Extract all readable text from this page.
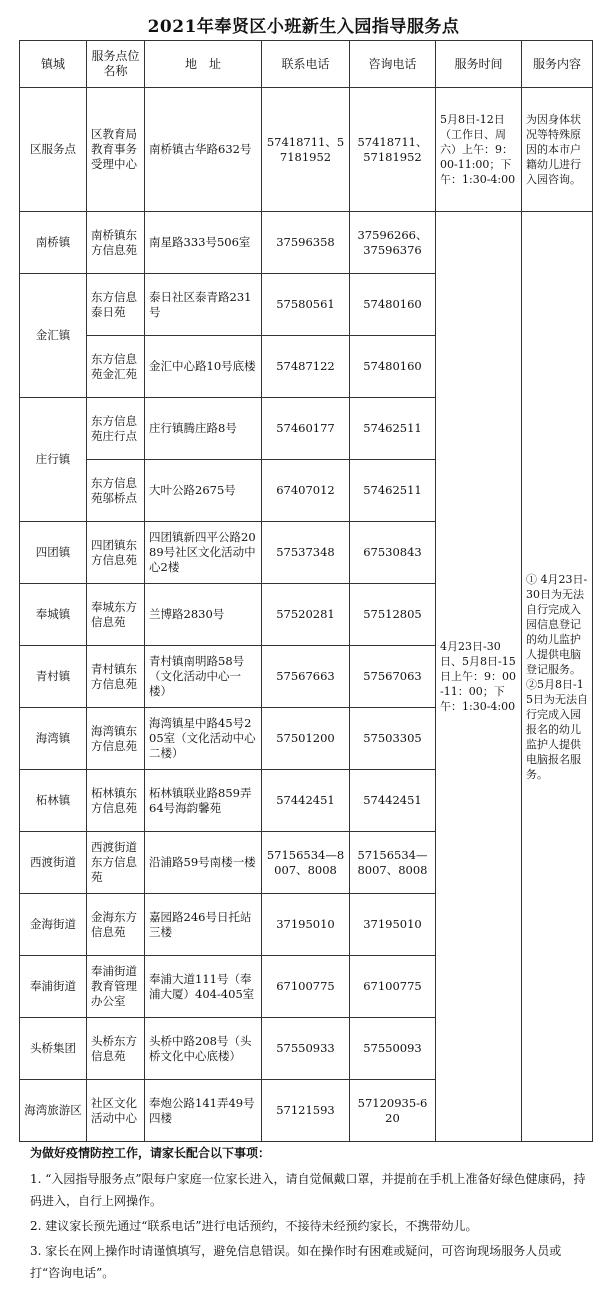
2021年奉贤区小班新生入园指导服务点
镇城	服务点位名称	地　址	联系电话	咨询电话	服务时间	服务内容
区服务点	区教育局教育事务受理中心	南桥镇古华路632号	57418711、57181952	57418711、57181952	5月8日-12日（工作日、周六）上午：9：00-11:00；下午：1:30-4:00	为因身体状况等特殊原因的本市户籍幼儿进行入园咨询。
南桥镇	南桥镇东方信息苑	南星路333号506室	37596358	37596266、37596376	4月23日-30日、5月8日-15日上午：9：00-11：00；下午：1:30-4:00	① 4月23日-30日为无法自行完成入园信息登记的幼儿监护人提供电脑登记服务。②5月8日-15日为无法自行完成入园报名的幼儿监护人提供电脑报名服务。
金汇镇	东方信息泰日苑	泰日社区泰青路231号	57580561	57480160		
	东方信息苑金汇苑	金汇中心路10号底楼	57487122	57480160		
庄行镇	东方信息苑庄行点	庄行镇腾庄路8号	57460177	57462511		
	东方信息苑邬桥点	大叶公路2675号	67407012	57462511		
四团镇	四团镇东方信息苑	四团镇新四平公路2089号社区文化活动中心2楼	57537348	67530843		
奉城镇	奉城东方信息苑	兰博路2830号	57520281	57512805		
青村镇	青村镇东方信息苑	青村镇南明路58号（文化活动中心一楼）	57567663	57567063		
海湾镇	海湾镇东方信息苑	海湾镇星中路45号205室（文化活动中心二楼）	57501200	57503305		
柘林镇	柘林镇东方信息苑	柘林镇联业路859弄64号海韵馨苑	57442451	57442451		
西渡街道	西渡街道东方信息苑	沿浦路59号南楼一楼	57156534—8007、8008	57156534—8007、8008		
金海街道	金海东方信息苑	嘉园路246号日托站三楼	37195010	37195010		
奉浦街道	奉浦街道教育管理办公室	奉浦大道111号（奉浦大厦）404-405室	67100775	67100775		
头桥集团	头桥东方信息苑	头桥中路208号（头桥文化中心底楼）	57550933	57550093		
海湾旅游区	社区文化活动中心	奉炮公路141弄49号四楼	57121593	57120935-620		
为做好疫情防控工作，请家长配合以下事项：
1. “入园指导服务点”限每户家庭一位家长进入，请自觉佩戴口罩，并提前在手机上准备好绿色健康码，持码进入，自行上网操作。
2. 建议家长预先通过“联系电话”进行电话预约，不接待未经预约家长，不携带幼儿。
3. 家长在网上操作时请谨慎填写，避免信息错误。如在操作时有困难或疑问，可咨询现场服务人员或打“咨询电话”。
